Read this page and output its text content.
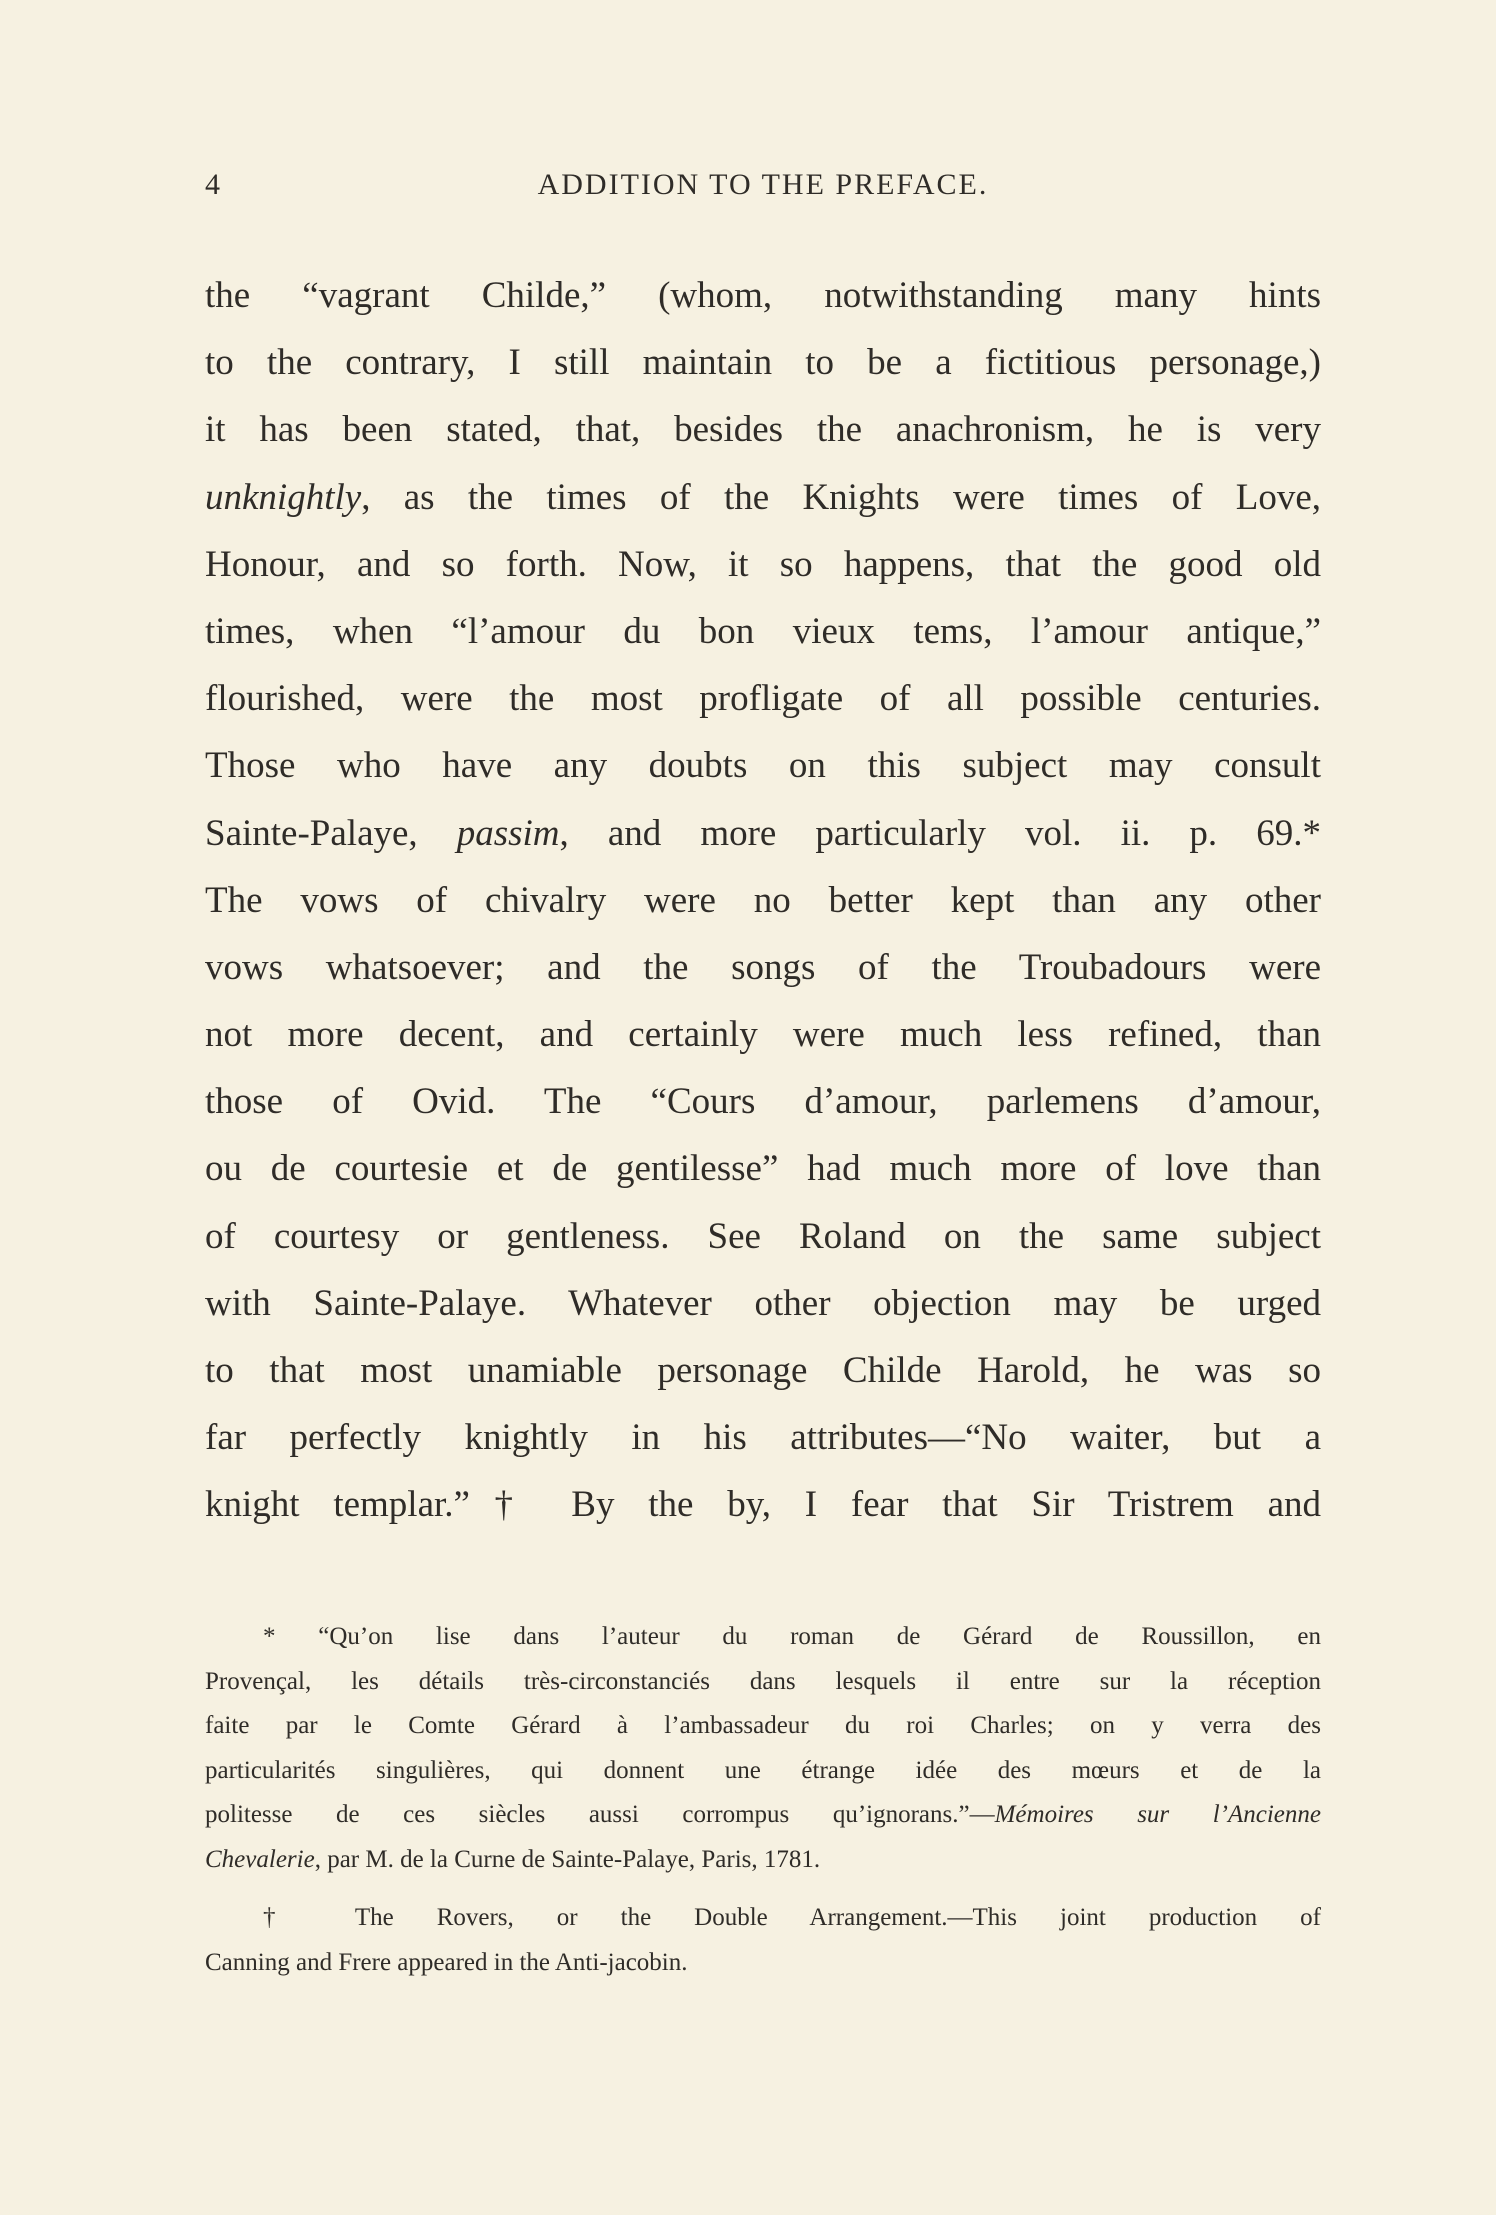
4	ADDITION TO THE PREFACE.
the “vagrant Childe,” (whom, notwithstanding many hints
to the contrary, I still maintain to be a fictitious personage,)
it has been stated, that, besides the anachronism, he is very
unknightly, as the times of the Knights were times of Love,
Honour, and so forth. Now, it so happens, that the good old
times, when “l’amour du bon vieux tems, l’amour antique,”
flourished, were the most profligate of all possible centuries.
Those who have any doubts on this subject may consult
Sainte-Palaye, passim, and more particularly vol. ii. p. 69.*
The vows of chivalry were no better kept than any other
vows whatsoever; and the songs of the Troubadours were
not more decent, and certainly were much less refined, than
those of Ovid. The “Cours d’amour, parlemens d’amour,
ou de courtesie et de gentilesse” had much more of love than
of courtesy or gentleness. See Roland on the same subject
with Sainte-Palaye. Whatever other objection may be urged
to that most unamiable personage Childe Harold, he was so
far perfectly knightly in his attributes—“No waiter, but a
knight templar.”† By the by, I fear that Sir Tristrem and
* “Qu’on lise dans l’auteur du roman de Gérard de Roussillon, en
Provençal, les détails très-circonstanciés dans lesquels il entre sur la réception
faite par le Comte Gérard à l’ambassadeur du roi Charles; on y verra des
particularités singulières, qui donnent une étrange idée des mœurs et de la
politesse de ces siècles aussi corrompus qu’ignorans.”—Mémoires sur l’Ancienne
Chevalerie, par M. de la Curne de Sainte-Palaye, Paris, 1781.
† The Rovers, or the Double Arrangement.—This joint production of
Canning and Frere appeared in the Anti-jacobin.
